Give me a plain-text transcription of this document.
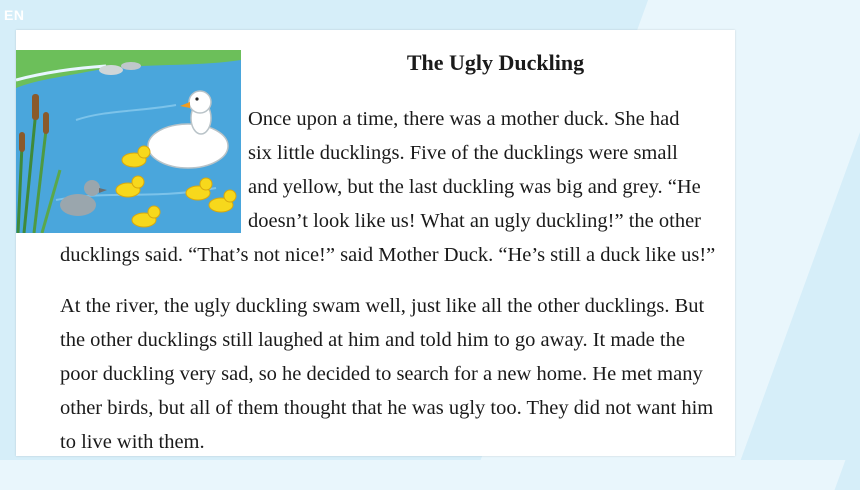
EN
The Ugly Duckling
Once upon a time, there was a mother duck. She had
six little ducklings. Five of the ducklings were small
and yellow, but the last duckling was big and grey. “He
doesn’t look like us! What an ugly duckling!” the other
ducklings said. “That’s not nice!” said Mother Duck. “He’s still a duck like us!”
At the river, the ugly duckling swam well, just like all the other ducklings. But
the other ducklings still laughed at him and told him to go away. It made the
poor duckling very sad, so he decided to search for a new home. He met many
other birds, but all of them thought that he was ugly too. They did not want him
to live with them.
